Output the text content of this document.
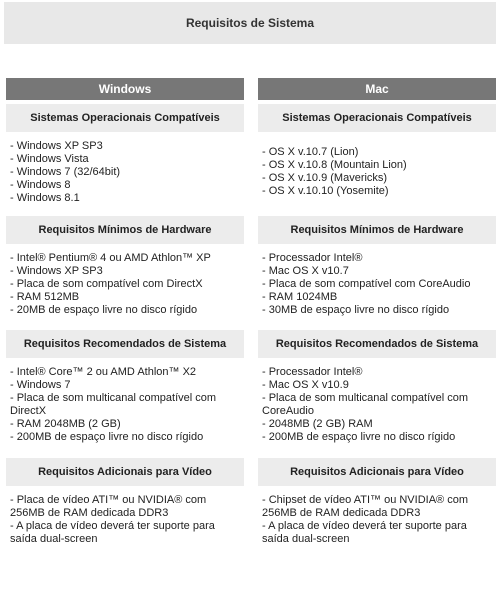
Requisitos de Sistema
Windows	Mac
Sistemas Operacionais Compatíveis
- Windows XP SP3
- Windows Vista
- Windows 7 (32/64bit)
- Windows 8
- Windows 8.1
Sistemas Operacionais Compatíveis
- OS X v.10.7 (Lion)
- OS X v.10.8 (Mountain Lion)
- OS X v.10.9 (Mavericks)
- OS X v.10.10 (Yosemite)
Requisitos Mínimos de Hardware
- Intel® Pentium® 4 ou AMD Athlon™ XP
- Windows XP SP3
- Placa de som compatível com DirectX
- RAM 512MB
- 20MB de espaço livre no disco rígido
Requisitos Mínimos de Hardware
- Processador Intel®
- Mac OS X v10.7
- Placa de som compatível com CoreAudio
- RAM 1024MB
- 30MB de espaço livre no disco rígido
Requisitos Recomendados de Sistema
- Intel® Core™ 2 ou AMD Athlon™ X2
- Windows 7
- Placa de som multicanal compatível com DirectX
- RAM 2048MB (2 GB)
- 200MB de espaço livre no disco rígido
Requisitos Recomendados de Sistema
- Processador Intel®
- Mac OS X v10.9
- Placa de som multicanal compatível com CoreAudio
- 2048MB (2 GB) RAM
- 200MB de espaço livre no disco rígido
Requisitos Adicionais para Vídeo
- Placa de vídeo ATI™ ou NVIDIA® com 256MB de RAM dedicada DDR3
- A placa de vídeo deverá ter suporte para saída dual-screen
Requisitos Adicionais para Vídeo
- Chipset de vídeo ATI™ ou NVIDIA® com 256MB de RAM dedicada DDR3
- A placa de vídeo deverá ter suporte para saída dual-screen
